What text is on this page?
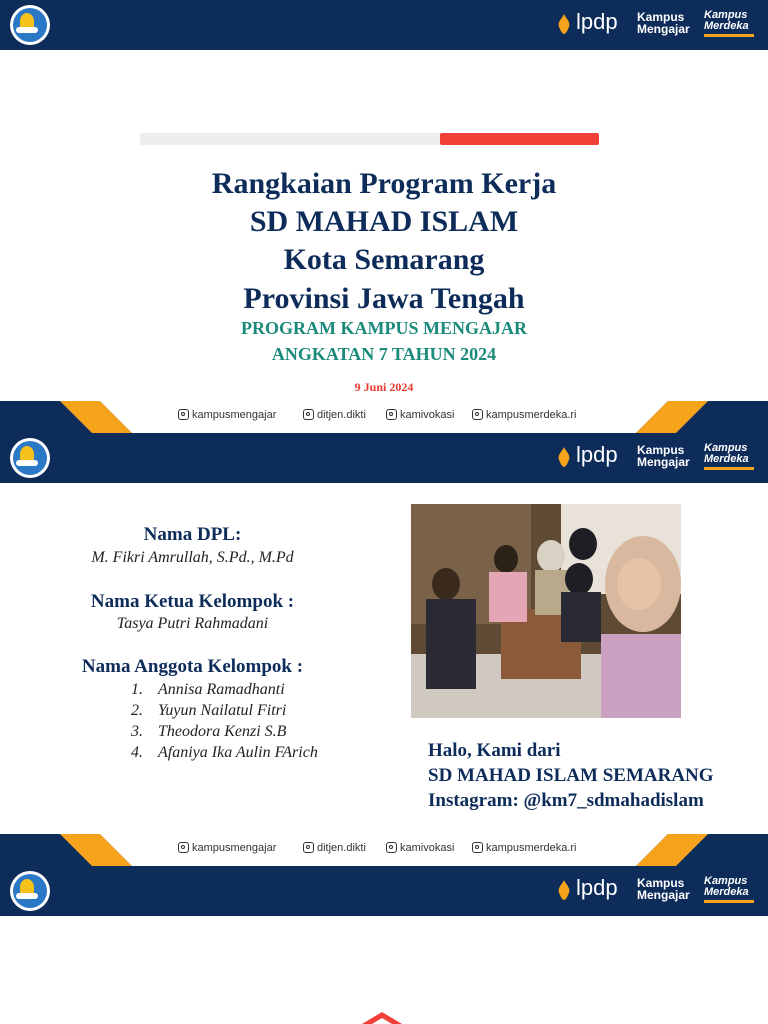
lpdp Kampus
Mengajar
Kampus
Merdeka
Rangkaian Program Kerja
SD MAHAD ISLAM
Kota Semarang
Provinsi Jawa Tengah
PROGRAM KAMPUS MENGAJAR
ANGKATAN 7 TAHUN 2024
9 Juni 2024
kampusmengajar	ditjen.dikti	kamivokasi	kampusmerdeka.ri
lpdp Kampus
Mengajar
Kampus
Merdeka
Nama DPL:
M. Fikri Amrullah, S.Pd., M.Pd
Nama Ketua Kelompok :
Tasya Putri Rahmadani
Nama Anggota Kelompok :
1. Annisa Ramadhanti
2. Yuyun Nailatul Fitri
3. Theodora Kenzi S.B
4. Afaniya Ika Aulin FArich	Halo, Kami dari
SD MAHAD ISLAM SEMARANG
Instagram: @km7_sdmahadislam
kampusmengajar	ditjen.dikti	kamivokasi	kampusmerdeka.ri
lpdp Kampus
Mengajar
Kampus
Merdeka
